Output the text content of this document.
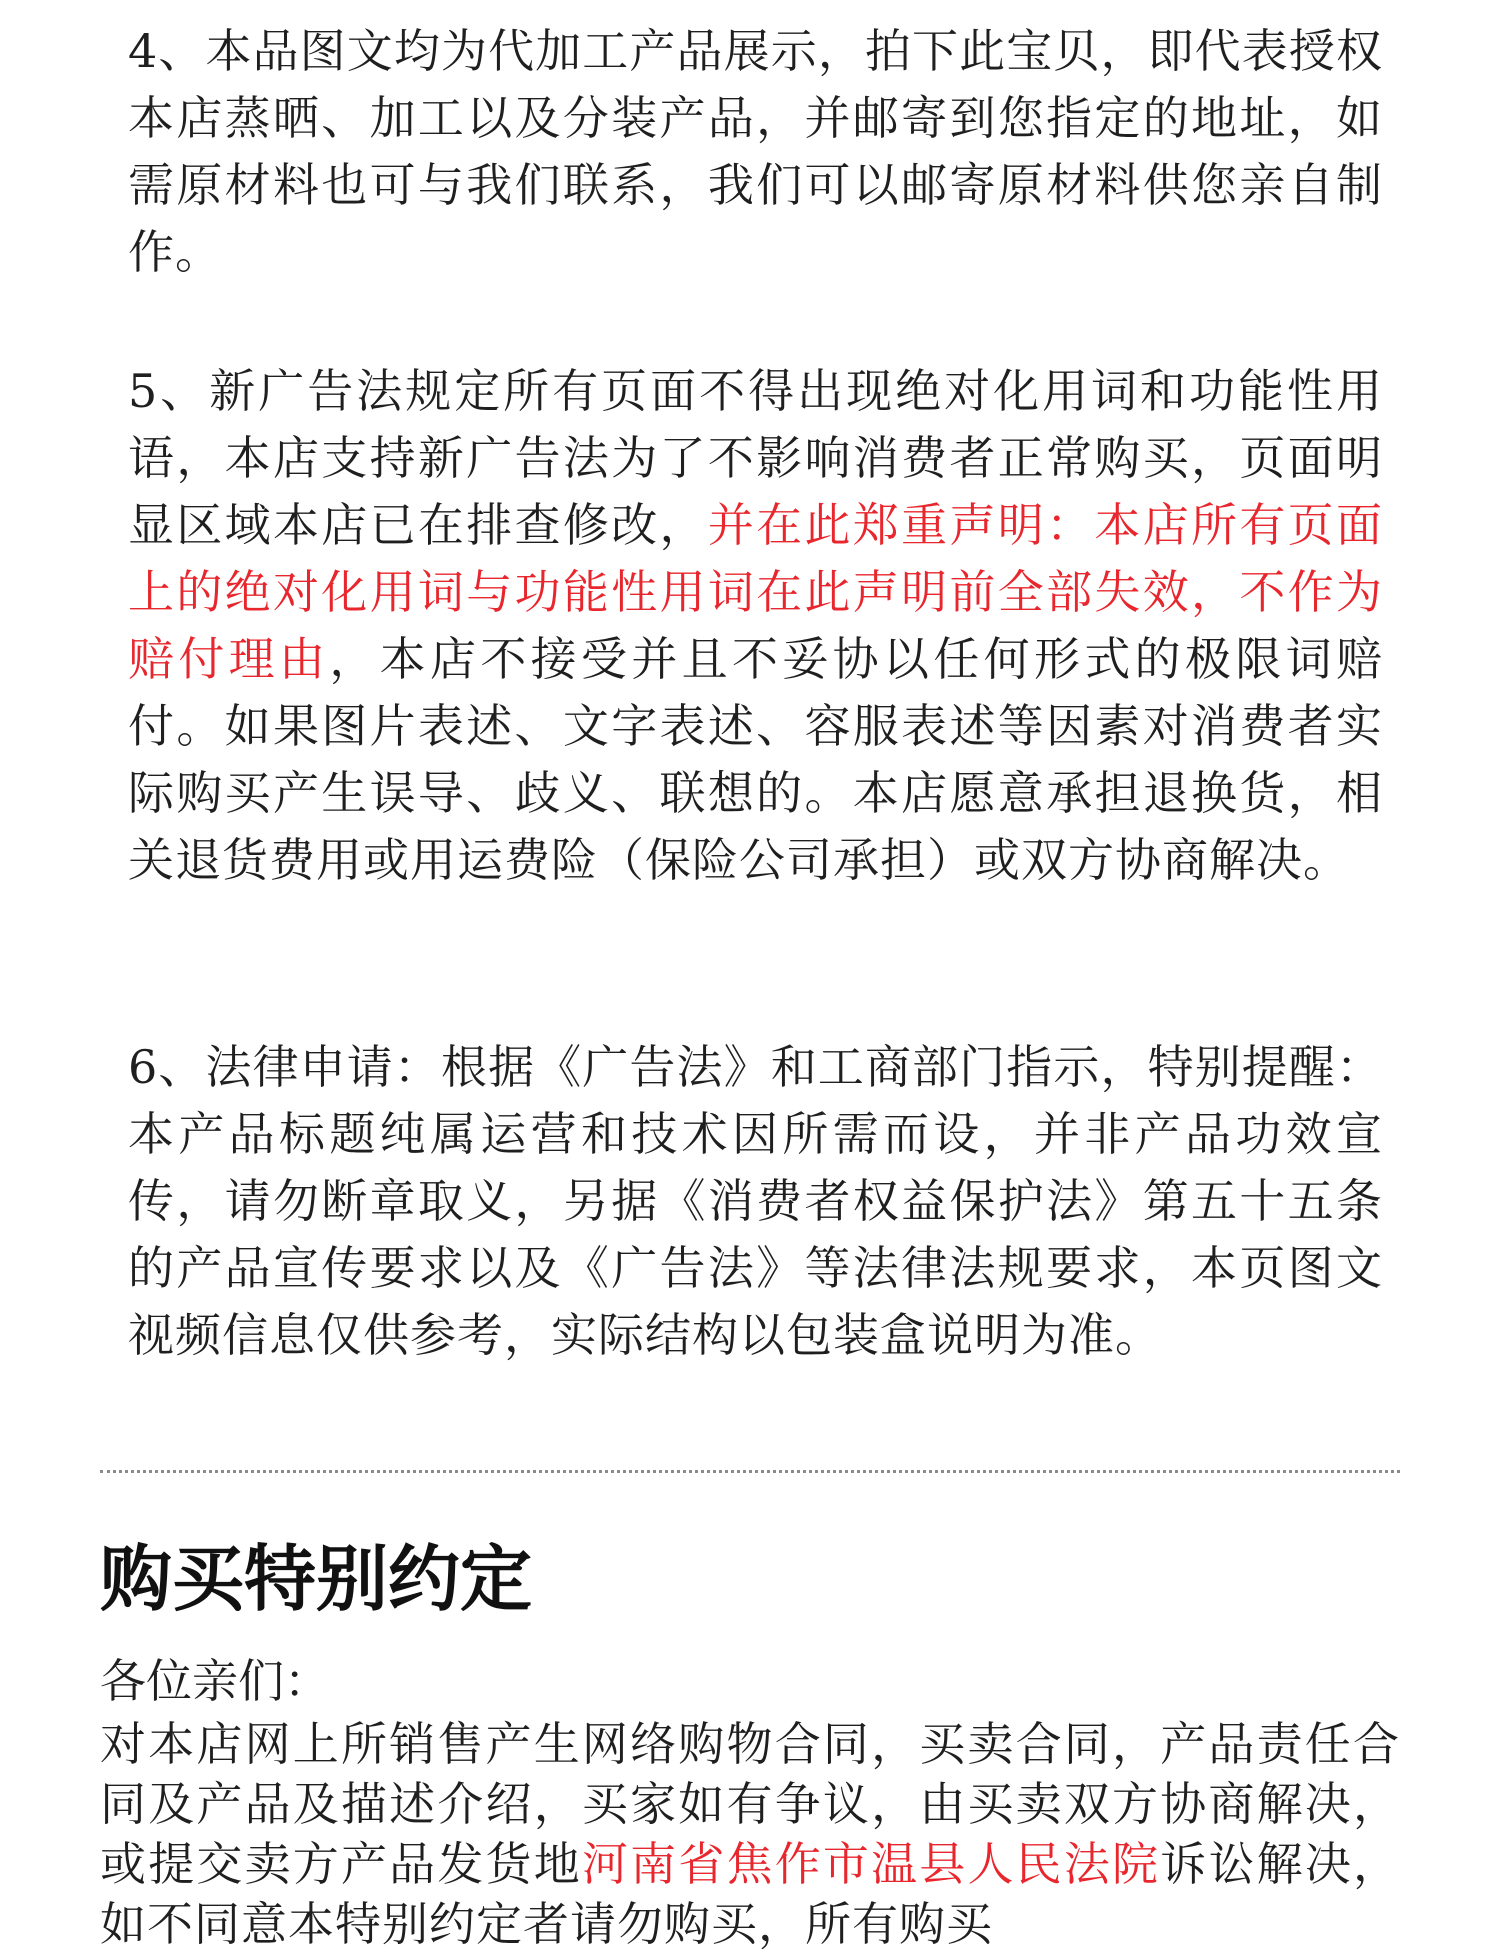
4、本品图文均为代加工产品展示，拍下此宝贝，即代表授权本店蒸晒、加工以及分装产品，并邮寄到您指定的地址，如需原材料也可与我们联系，我们可以邮寄原材料供您亲自制作。

5、新广告法规定所有页面不得出现绝对化用词和功能性用语，本店支持新广告法为了不影响消费者正常购买，页面明显区域本店已在排查修改，并在此郑重声明：本店所有页面上的绝对化用词与功能性用词在此声明前全部失效，不作为赔付理由，本店不接受并且不妥协以任何形式的极限词赔付。如果图片表述、文字表述、容服表述等因素对消费者实际购买产生误导、歧义、联想的。本店愿意承担退换货，相关退货费用或用运费险（保险公司承担）或双方协商解决。

6、法律申请：根据《广告法》和工商部门指示，特别提醒：本产品标题纯属运营和技术因所需而设，并非产品功效宣传，请勿断章取义，另据《消费者权益保护法》第五十五条的产品宣传要求以及《广告法》等法律法规要求，本页图文视频信息仅供参考，实际结构以包装盒说明为准。

购买特别约定

各位亲们：

对本店网上所销售产生网络购物合同，买卖合同，产品责任合同及产品及描述介绍，买家如有争议，由买卖双方协商解决，或提交卖方产品发货地河南省焦作市温县人民法院诉讼解决，如不同意本特别约定者请勿购买，所有购买
